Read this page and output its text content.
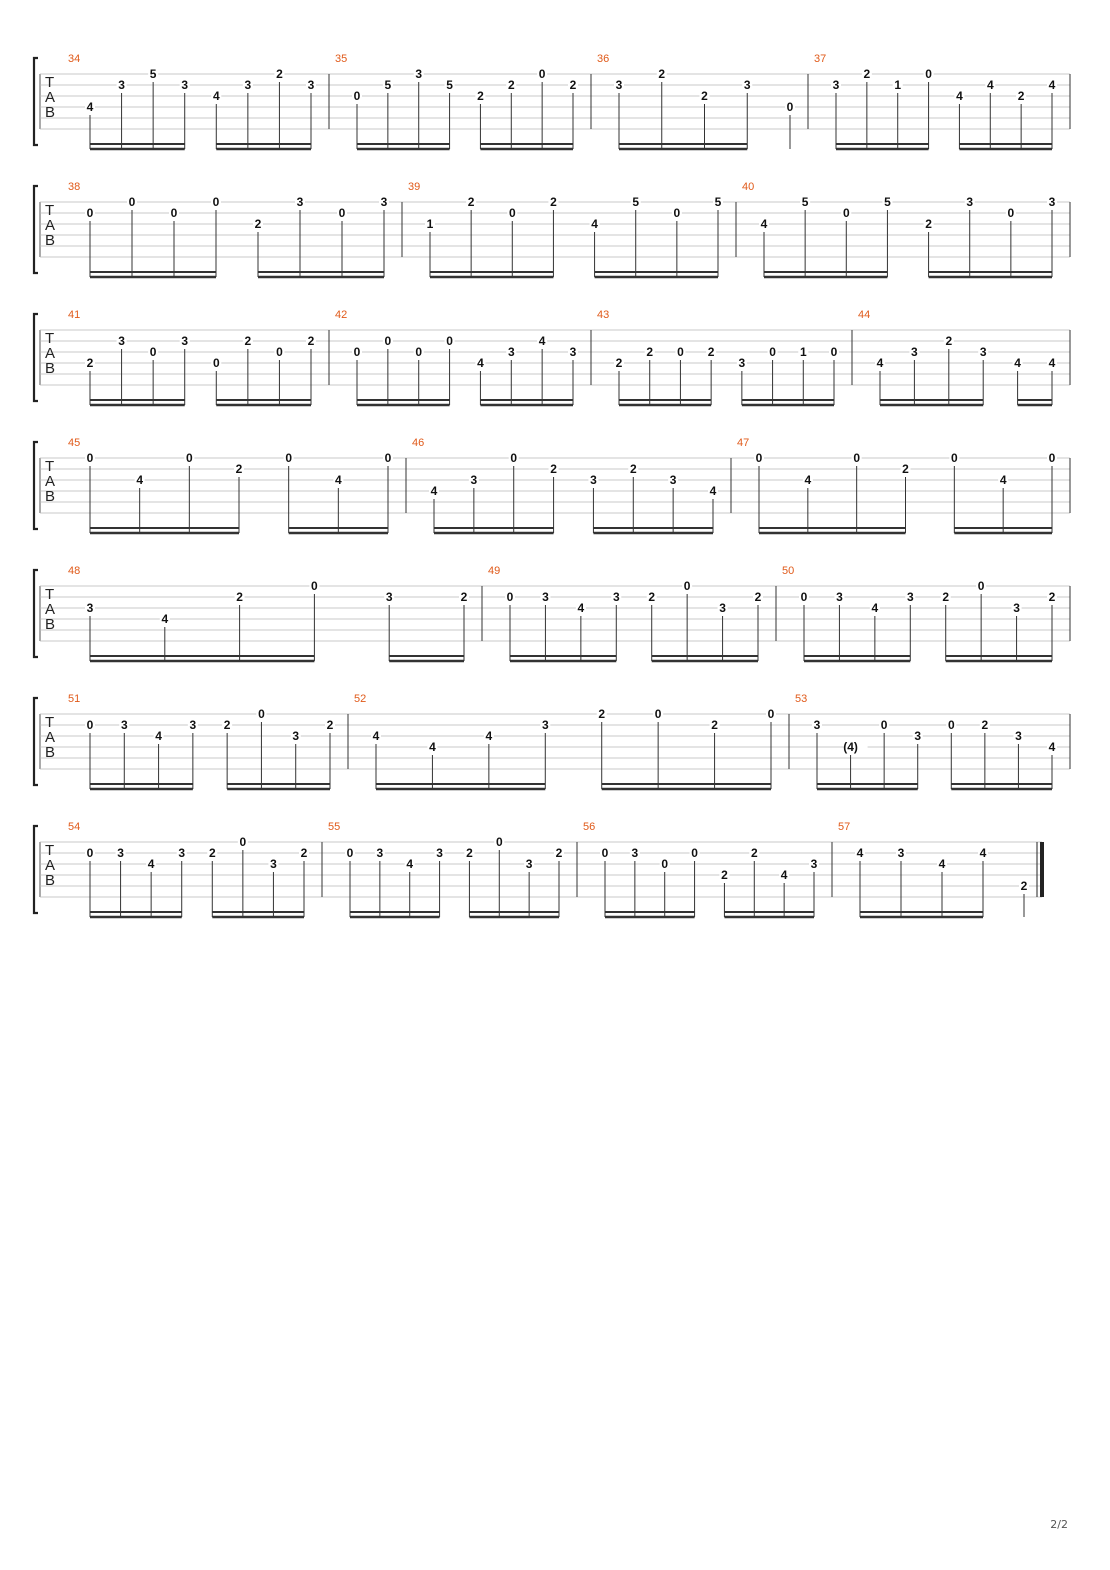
T
A
B
34
4
3
5
3
4
3
2
3
35
0
5
3
5
2
2
0
2
36
3
2
2
3
0
37
3
2
1
0
4
4
2
4
T
A
B
38
0
0
0
0
2
3
0
3
39
1
2
0
2
4
5
0
5
40
4
5
0
5
2
3
0
3
T
A
B
41
2
3
0
3
0
2
0
2
42
0
0
0
0
4
3
4
3
43
2
2 0 2
3
0 1 0
44
4
3
2
3
4 4
T
A
B
45
0
4
0
2
0
4
0
46
4
3
0
2
3
2
3
4
47
0
4
0
2
0
4
0
T
A
B
48
3
4
2
0
3	2
49
0 3
4
3 2
0
3
2
50
0 3
4
3 2
0
3
2
T
A
B
51
0 3
4
3 2
0
3
2
52
4
4
4
3
2	0
2
0
53
3
(4)
0
3
0 2
3
4
T
A
B
54
0 3
4
3 2
0
3
2
55
0 3
4
3 2
0
3
2
56
0 3
0
0
2
2
4
3
57
4	3
4
4
2
2/2
